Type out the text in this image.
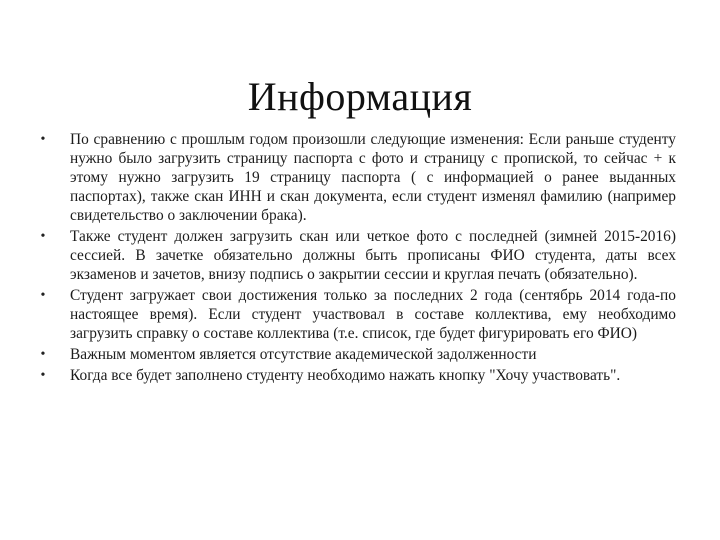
Информация
• По сравнению с прошлым годом произошли следующие изменения: Если раньше студенту нужно было загрузить страницу паспорта с фото и страницу с пропиской, то сейчас + к этому нужно загрузить 19 страницу паспорта ( с информацией о ранее выданных паспортах), также скан ИНН и скан документа, если студент изменял фамилию (например свидетельство о заключении брака).
• Также студент должен загрузить скан или четкое фото с последней (зимней 2015-2016) сессией. В зачетке обязательно должны быть прописаны ФИО студента, даты всех экзаменов и зачетов, внизу подпись о закрытии сессии и круглая печать (обязательно).
• Студент загружает свои достижения только за последних 2 года (сентябрь 2014 года-по настоящее время). Если студент участвовал в составе коллектива, ему необходимо загрузить справку о составе коллектива (т.е. список, где будет фигурировать его ФИО)
• Важным моментом является отсутствие академической задолженности
• Когда все будет заполнено студенту необходимо нажать кнопку "Хочу участвовать".
